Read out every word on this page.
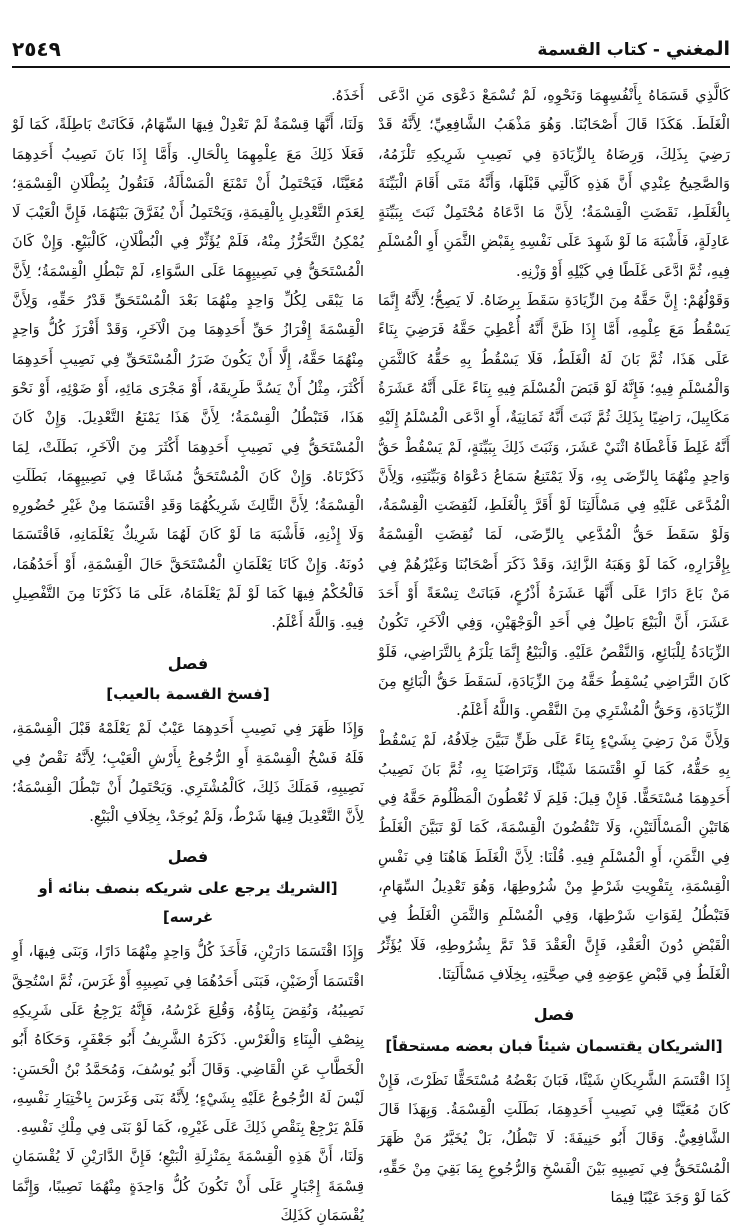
٢٥٤٩	المغني - كتاب القسمة

كَالَّذِي قَسَمَاهُ بِأَنْفُسِهِمَا وَنَحْوِهِ، لَمْ تُسْمَعْ دَعْوَى مَنِ ادَّعَى الْغَلَطَ. هَكَذَا قَالَ أَصْحَابُنَا. وَهُوَ مَذْهَبُ الشَّافِعِيِّ؛ لِأَنَّهُ قَدْ رَضِيَ بِذَلِكَ، وَرِضَاهُ بِالزِّيَادَةِ فِي نَصِيبِ شَرِيكِهِ تَلْزَمُهُ، وَالصَّحِيحُ عِنْدِي أَنَّ هَذِهِ كَالَّتِي قَبْلَهَا، وَأَنَّهُ مَتَى أَقَامَ الْبَيِّنَةَ بِالْغَلَطِ، نَقَضَتِ الْقِسْمَةُ؛ لِأَنَّ مَا ادَّعَاهُ مُحْتَمِلٌ ثَبَتَ بِبَيِّنَةٍ عَادِلَةٍ، فَأَشْبَهَ مَا لَوْ شَهِدَ عَلَى نَفْسِهِ بِقَبْضِ الثَّمَنِ أَوِ الْمُسْلَمِ فِيهِ، ثُمَّ ادَّعَى غَلَطًا فِي كَيْلِهِ أَوْ وَزْنِهِ.

وَقَوْلُهُمْ: إِنَّ حَقَّهُ مِنَ الزِّيَادَةِ سَقَطَ بِرِضَاهُ. لَا يَصِحُّ؛ لِأَنَّهُ إِنَّمَا يَسْقُطُ مَعَ عِلْمِهِ، أَمَّا إِذَا ظَنَّ أَنَّهُ أُعْطِيَ حَقَّهُ فَرَضِيَ بِنَاءً عَلَى هَذَا، ثُمَّ بَانَ لَهُ الْغَلَطُ، فَلَا يَسْقُطُ بِهِ حَقُّهُ كَالثَّمَنِ وَالْمُسْلَمِ فِيهِ؛ فَإِنَّهُ لَوْ قَبَضَ الْمُسْلَمَ فِيهِ بِنَاءً عَلَى أَنَّهُ عَشَرَةُ مَكَايِيلَ، رَاضِيًا بِذَلِكَ ثُمَّ ثَبَتَ أَنَّهُ ثَمَانِيَةٌ، أَوِ ادَّعَى الْمُسْلَمُ إِلَيْهِ أَنَّهُ غَلِطَ فَأَعْطَاهُ اثْنَيْ عَشَرَ، وَثَبَتَ ذَلِكَ بِبَيِّنَةٍ، لَمْ يَسْقُطْ حَقُّ وَاحِدٍ مِنْهُمَا بِالرِّضَى بِهِ، وَلَا يَمْتَنِعُ سَمَاعُ دَعْوَاهُ وَبَيِّنَتِهِ، وَلِأَنَّ الْمُدَّعَى عَلَيْهِ فِي مَسْأَلَتِنَا لَوْ أَقَرَّ بِالْغَلَطِ، لَنُقِضَتِ الْقِسْمَةُ، وَلَوْ سَقَطَ حَقُّ الْمُدَّعِي بِالرِّضَى، لَمَا نُقِضَتِ الْقِسْمَةُ بِإِقْرَارِهِ، كَمَا لَوْ وَهَبَهُ الزَّائِدَ، وَقَدْ ذَكَرَ أَصْحَابُنَا وَغَيْرُهُمْ فِي مَنْ بَاعَ دَارًا عَلَى أَنَّهَا عَشَرَةُ أَذْرُعٍ، فَبَانَتْ تِسْعَةً أَوْ أَحَدَ عَشَرَ، أَنَّ الْبَيْعَ بَاطِلٌ فِي أَحَدِ الْوَجْهَيْنِ، وَفِي الْآخَرِ، تَكُونُ الزِّيَادَةُ لِلْبَائِعِ، وَالنَّقْصُ عَلَيْهِ. وَالْبَيْعُ إِنَّمَا يَلْزَمُ بِالتَّرَاضِي، فَلَوْ كَانَ التَّرَاضِي يُسْقِطُ حَقَّهُ مِنَ الزِّيَادَةِ، لَسَقَطَ حَقُّ الْبَائِعِ مِنَ الزِّيَادَةِ، وَحَقُّ الْمُشْتَرِي مِنَ النَّقْصِ. وَاللَّهُ أَعْلَمُ.

وَلِأَنَّ مَنْ رَضِيَ بِشَيْءٍ بِنَاءً عَلَى ظَنٍّ تَبَيَّنَ خِلَافُهُ، لَمْ يَسْقُطْ بِهِ حَقُّهُ، كَمَا لَوِ اقْتَسَمَا شَيْئًا، وَتَرَاضَيَا بِهِ، ثُمَّ بَانَ نَصِيبُ أَحَدِهِمَا مُسْتَحَقًّا. فَإِنْ قِيلَ: فَلِمَ لَا تُعْطُونَ الْمَظْلُومَ حَقَّهُ فِي هَاتَيْنِ الْمَسْأَلَتَيْنِ، وَلَا تَنْقُضُونَ الْقِسْمَةَ، كَمَا لَوْ تَبَيَّنَ الْغَلَطُ فِي الثَّمَنِ، أَوِ الْمُسْلَمِ فِيهِ. قُلْنَا: لِأَنَّ الْغَلَطَ هَاهُنَا فِي نَفْسِ الْقِسْمَةِ، بِتَفْوِيتِ شَرْطٍ مِنْ شُرُوطِهَا، وَهُوَ تَعْدِيلُ السِّهَامِ، فَتَبْطُلُ لِفَوَاتِ شَرْطِهَا، وَفِي الْمُسْلَمِ وَالثَّمَنِ الْغَلَطُ فِي الْقَبْضِ دُونَ الْعَقْدِ، فَإِنَّ الْعَقْدَ قَدْ تَمَّ بِشُرُوطِهِ، فَلَا يُؤَثِّرُ الْغَلَطُ فِي قَبْضِ عِوَضِهِ فِي صِحَّتِهِ، بِخِلَافِ مَسْأَلَتِنَا.

فصل
[الشريكان يقتسمان شيئاً فبان بعضه مستحقاً]

إِذَا اقْتَسَمَ الشَّرِيكَانِ شَيْئًا، فَبَانَ بَعْضُهُ مُسْتَحَقًّا نَظَرْتَ، فَإِنْ كَانَ مُعَيَّنًا فِي نَصِيبِ أَحَدِهِمَا، بَطَلَتِ الْقِسْمَةُ. وَبِهَذَا قَالَ الشَّافِعِيُّ. وَقَالَ أَبُو حَنِيفَةَ: لَا تَبْطُلُ، بَلْ يُخَيَّرُ مَنْ ظَهَرَ الْمُسْتَحَقُّ فِي نَصِيبِهِ بَيْنَ الْفَسْخِ وَالرُّجُوعِ بِمَا بَقِيَ مِنْ حَقِّهِ، كَمَا لَوْ وَجَدَ عَيْبًا فِيمَا

أَخَذَهُ.

وَلَنَا، أَنَّهَا قِسْمَةٌ لَمْ تَعْدِلْ فِيهَا السِّهَامُ، فَكَانَتْ بَاطِلَةً، كَمَا لَوْ فَعَلَا ذَلِكَ مَعَ عِلْمِهِمَا بِالْحَالِ. وَأَمَّا إِذَا بَانَ نَصِيبُ أَحَدِهِمَا مُعَيَّنًا، فَيَحْتَمِلُ أَنْ تَمْنَعَ الْمَسْأَلَةُ، فَنَقُولُ بِبُطْلَانِ الْقِسْمَةِ؛ لِعَدَمِ التَّعْدِيلِ بِالْقِيمَةِ، وَيَحْتَمِلُ أَنْ يُفَرَّقَ بَيْنَهُمَا، فَإِنَّ الْعَيْبَ لَا يُمْكِنُ التَّحَرُّزُ مِنْهُ، فَلَمْ يُؤَثِّرْ فِي الْبُطْلَانِ، كَالْبَيْعِ. وَإِنْ كَانَ الْمُسْتَحَقُّ فِي نَصِيبِهِمَا عَلَى السَّوَاءِ، لَمْ تَبْطُلِ الْقِسْمَةُ؛ لِأَنَّ مَا يَبْقَى لِكُلِّ وَاحِدٍ مِنْهُمَا بَعْدَ الْمُسْتَحَقِّ قَدْرُ حَقِّهِ، وَلِأَنَّ الْقِسْمَةَ إِفْرَازُ حَقِّ أَحَدِهِمَا مِنَ الْآخَرِ، وَقَدْ أَفْرَزَ كُلُّ وَاحِدٍ مِنْهُمَا حَقَّهُ، إِلَّا أَنْ يَكُونَ ضَرَرُ الْمُسْتَحَقِّ فِي نَصِيبِ أَحَدِهِمَا أَكْثَرَ، مِثْلُ أَنْ يَسُدَّ طَرِيقَهُ، أَوْ مَجْرَى مَائِهِ، أَوْ ضَوْئِهِ، أَوْ نَحْوَ هَذَا، فَتَبْطُلُ الْقِسْمَةُ؛ لِأَنَّ هَذَا يَمْنَعُ التَّعْدِيلَ. وَإِنْ كَانَ الْمُسْتَحَقُّ فِي نَصِيبِ أَحَدِهِمَا أَكْثَرَ مِنَ الْآخَرِ، بَطَلَتْ، لِمَا ذَكَرْنَاهُ. وَإِنْ كَانَ الْمُسْتَحَقُّ مُشَاعًا فِي نَصِيبِهِمَا، بَطَلَتِ الْقِسْمَةُ؛ لِأَنَّ الثَّالِثَ شَرِيكُهُمَا وَقَدِ اقْتَسَمَا مِنْ غَيْرِ حُضُورِهِ وَلَا إِذْنِهِ، فَأَشْبَهَ مَا لَوْ كَانَ لَهُمَا شَرِيكٌ يَعْلَمَانِهِ، فَاقْتَسَمَا دُونَهُ. وَإِنْ كَانَا يَعْلَمَانِ الْمُسْتَحَقَّ حَالَ الْقِسْمَةِ، أَوْ أَحَدُهُمَا، فَالْحُكْمُ فِيهَا كَمَا لَوْ لَمْ يَعْلَمَاهُ، عَلَى مَا ذَكَرْنَا مِنَ التَّفْصِيلِ فِيهِ. وَاللَّهُ أَعْلَمُ.

فصل
[فسخ القسمة بالعيب]

وَإِذَا ظَهَرَ فِي نَصِيبِ أَحَدِهِمَا عَيْبٌ لَمْ يَعْلَمْهُ قَبْلَ الْقِسْمَةِ، فَلَهُ فَسْخُ الْقِسْمَةِ أَوِ الرُّجُوعُ بِأَرْشِ الْعَيْبِ؛ لِأَنَّهُ نَقْصٌ فِي نَصِيبِهِ، فَمَلَكَ ذَلِكَ، كَالْمُشْتَرِي. وَيَحْتَمِلُ أَنْ تَبْطُلَ الْقِسْمَةُ؛ لِأَنَّ التَّعْدِيلَ فِيهَا شَرْطٌ، وَلَمْ يُوجَدْ، بِخِلَافِ الْبَيْعِ.

فصل
[الشريك يرجع على شريكه بنصف بنائه أو غرسه]

وَإِذَا اقْتَسَمَا دَارَيْنِ، فَأَخَذَ كُلُّ وَاحِدٍ مِنْهُمَا دَارًا، وَبَنَى فِيهَا، أَوِ اقْتَسَمَا أَرْضَيْنِ، فَبَنَى أَحَدُهُمَا فِي نَصِيبِهِ أَوْ غَرَسَ، ثُمَّ اسْتُحِقَّ نَصِيبُهُ، وَنُقِضَ بِنَاؤُهُ، وَقُلِعَ غَرْسُهُ، فَإِنَّهُ يَرْجِعُ عَلَى شَرِيكِهِ بِنِصْفِ الْبِنَاءِ وَالْغَرْسِ. ذَكَرَهُ الشَّرِيفُ أَبُو جَعْفَرٍ، وَحَكَاهُ أَبُو الْخَطَّابِ عَنِ الْقَاضِي. وَقَالَ أَبُو يُوسُفَ، وَمُحَمَّدُ بْنُ الْحَسَنِ: لَيْسَ لَهُ الرُّجُوعُ عَلَيْهِ بِشَيْءٍ؛ لِأَنَّهُ بَنَى وَغَرَسَ بِاخْتِيَارِ نَفْسِهِ، فَلَمْ يَرْجِعْ بِنَقْصِ ذَلِكَ عَلَى غَيْرِهِ، كَمَا لَوْ بَنَى فِي مِلْكِ نَفْسِهِ.

وَلَنَا، أَنَّ هَذِهِ الْقِسْمَةَ بِمَنْزِلَةِ الْبَيْعِ؛ فَإِنَّ الدَّارَيْنِ لَا يُقْسَمَانِ قِسْمَةَ إِجْبَارٍ عَلَى أَنْ تَكُونَ كُلُّ وَاحِدَةٍ مِنْهُمَا نَصِيبًا، وَإِنَّمَا يُقْسَمَانِ كَذَلِكَ
